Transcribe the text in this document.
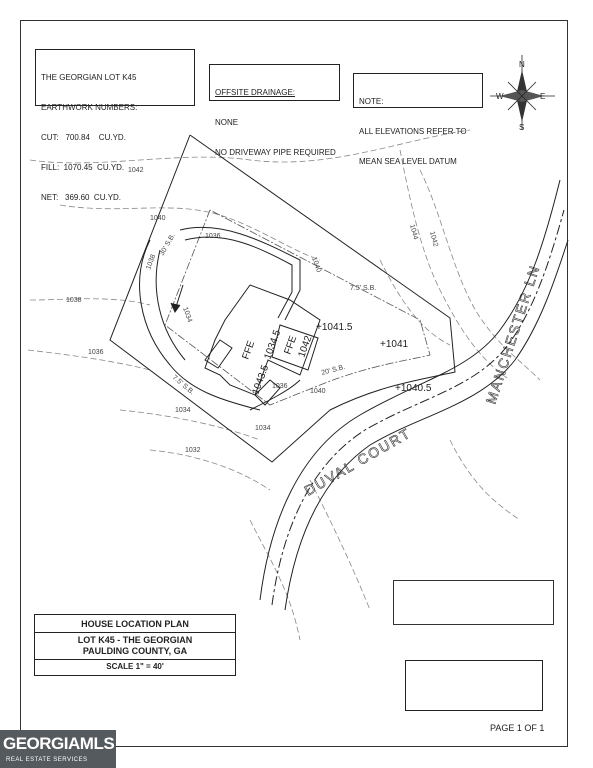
1042
1040
1038
1036
1034
1032
1036
1038	1040
1034
1036
1040
1042
1044
1034
30' S.B.
7.5' S.B.
7.5' S.B.
20' S.B.
FFE
1042
FFE 1034.5
1043.5
+1041.5
+1041
+1040.5
DUVAL COURT
MANCHESTER LN
N
S
E
W

THE GEORGIAN LOT K45

EARTHWORK NUMBERS:

CUT:   700.84    CU.YD.

FILL:  1070.45  CU.YD.

NET:   369.60  CU.YD.

OFFSITE DRAINAGE:

NONE

NO DRIVEWAY PIPE REQUIRED

NOTE:

ALL ELEVATIONS REFER TO

MEAN SEA LEVEL DATUM

HOUSE LOCATION PLAN
LOT K45 - THE GEORGIAN
PAULDING COUNTY, GA
SCALE 1" = 40'
PAGE 1 OF 1
GEORGIAMLS
REAL ESTATE SERVICES
